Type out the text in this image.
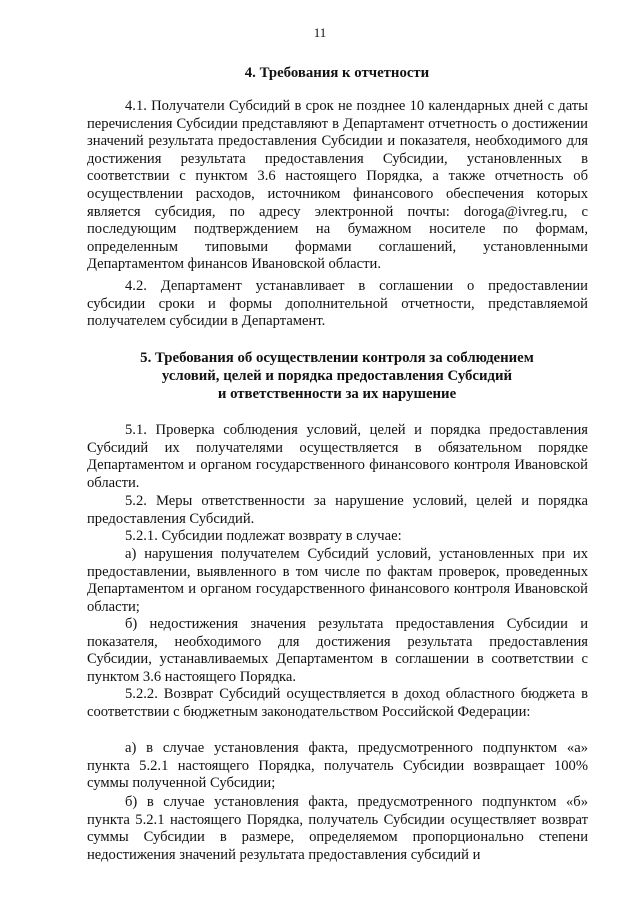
11
4. Требования к отчетности

4.1. Получатели Субсидий в срок не позднее 10 календарных дней с даты перечисления Субсидии представляют в Департамент отчетность о достижении значений результата предоставления Субсидии и показателя, необходимого для достижения результата предоставления Субсидии, установленных в соответствии с пунктом 3.6 настоящего Порядка, а также отчетность об осуществлении расходов, источником финансового обеспечения которых является субсидия, по адресу электронной почты: doroga@ivreg.ru, с последующим подтверждением на бумажном носителе по формам, определенным типовыми формами соглашений, установленными Департаментом финансов Ивановской области.

4.2. Департамент устанавливает в соглашении о предоставлении субсидии сроки и формы дополнительной отчетности, представляемой получателем субсидии в Департамент.

5. Требования об осуществлении контроля за соблюдением
условий, целей и порядка предоставления Субсидий
и ответственности за их нарушение

5.1. Проверка соблюдения условий, целей и порядка предоставления Субсидий их получателями осуществляется в обязательном порядке Департаментом и органом государственного финансового контроля Ивановской области.

5.2. Меры ответственности за нарушение условий, целей и порядка предоставления Субсидий.

5.2.1. Субсидии подлежат возврату в случае:

а) нарушения получателем Субсидий условий, установленных при их предоставлении, выявленного в том числе по фактам проверок, проведенных Департаментом и органом государственного финансового контроля Ивановской области;

б) недостижения значения результата предоставления Субсидии и показателя, необходимого для достижения результата предоставления Субсидии, устанавливаемых Департаментом в соглашении в соответствии с пунктом 3.6 настоящего Порядка.

5.2.2. Возврат Субсидий осуществляется в доход областного бюджета в соответствии с бюджетным законодательством Российской Федерации:

а) в случае установления факта, предусмотренного подпунктом «а» пункта 5.2.1 настоящего Порядка, получатель Субсидии возвращает 100% суммы полученной Субсидии;

б) в случае установления факта, предусмотренного подпунктом «б» пункта 5.2.1 настоящего Порядка, получатель Субсидии осуществляет возврат суммы Субсидии в размере, определяемом пропорционально степени недостижения значений результата предоставления субсидий и
